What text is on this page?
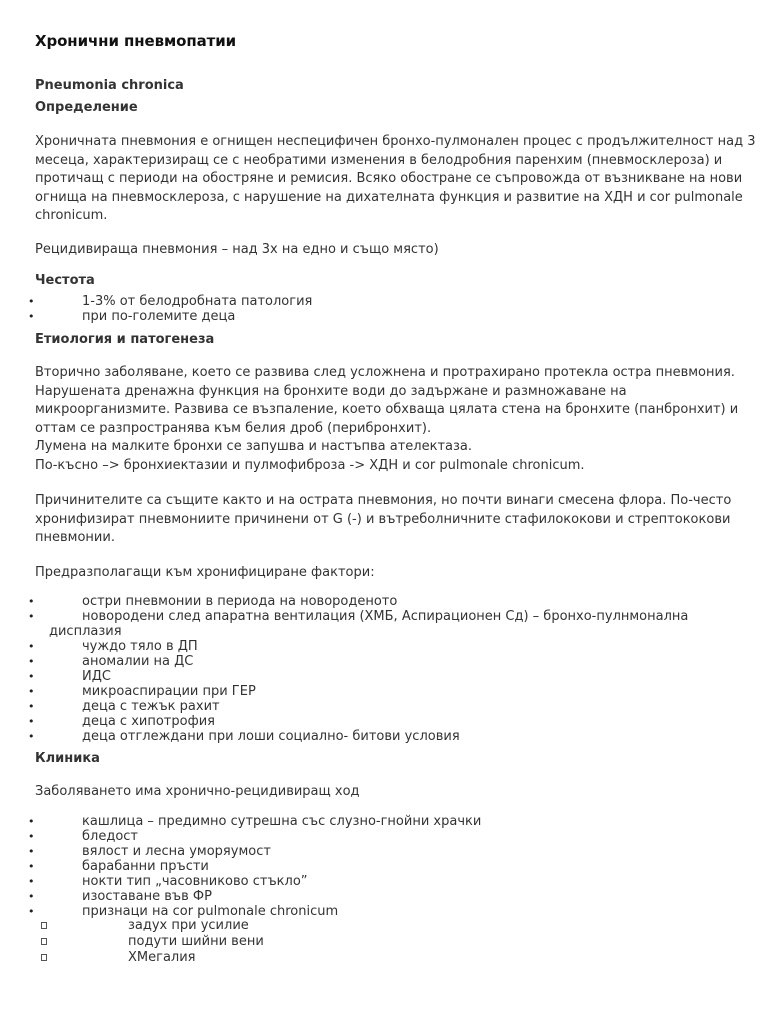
Хронични пневмопатии
Pneumonia chronica
Определение
Хроничната пневмония е огнищен неспецифичен бронхо-пулмонален процес с продължителност над 3
месеца, характеризиращ се с необратими изменения в белодробния паренхим (пневмосклероза) и
протичащ с периоди на обостряне и ремисия. Всяко обостране се съпровожда от възникване на нови
огнища на пневмосклероза, с нарушение на дихателната функция и развитие на ХДН и cor pulmonale
chronicum.
Рецидивираща пневмония – над 3х на едно и също място)
Честота
•	1-3% от белодробната патология
•	при по-големите деца
Етиология и патогенеза
Вторично заболяване, което се развива след усложнена и протрахирано протекла остра пневмония.
Нарушената дренажна функция на бронхите води до задържане и размножаване на
микроорганизмите. Развива се възпаление, което обхваща цялата стена на бронхите (панбронхит) и
оттам се разпространява към белия дроб (перибронхит).
Лумена на малките бронхи се запушва и настъпва ателектаза.
По-късно –> бронхиектазии и пулмофиброза -> ХДН и cor pulmonale chronicum.
Причинителите са същите както и на острата пневмония, но почти винаги смесена флора. По-често
хронифизират пневмониите причинени от G (-) и вътреболничните стафилококови и стрептококови
пневмонии.
Предразполагащи към хронифициране фактори:
•	остри пневмонии в периода на новороденото
•	новородени след апаратна вентилация (ХМБ, Аспирационен Сд) – бронхо-пулнмонална
дисплазия
•	чуждо тяло в ДП
•	аномалии на ДС
•	ИДС
•	микроаспирации при ГЕР
•	деца с тежък рахит
•	деца с хипотрофия
•	деца отглеждани при лоши социално- битови условия
Клиника
Заболяването има хронично-рецидивиращ ход
•	кашлица – предимно сутрешна със слузно-гнойни храчки
•	бледост
•	вялост и лесна уморяумост
•	барабанни пръсти
•	нокти тип „часовниково стъкло”
•	изоставане във ФР
•	признаци на cor pulmonale chronicum
задух при усилие
подути шийни вени
ХМегалия
